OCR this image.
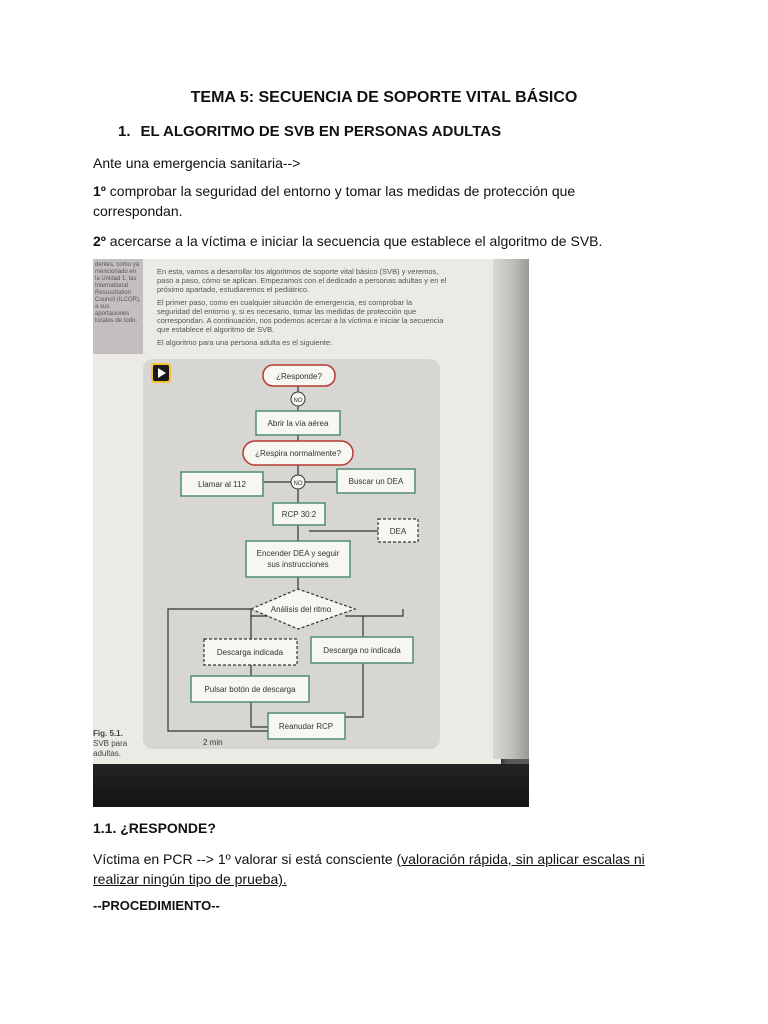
TEMA 5: SECUENCIA DE SOPORTE VITAL BÁSICO
1. EL ALGORITMO DE SVB EN PERSONAS ADULTAS

Ante una emergencia sanitaria-->

1º comprobar la seguridad del entorno y tomar las medidas de protección que correspondan.

2º acercarse a la víctima e iniciar la secuencia que establece el algoritmo de SVB.

dentes, como ya mencionado en la Unidad 1, las International Resuscitation Council (ILCOR), a sus aportaciones locales de todo.
En esta, vamos a desarrollar los algoritmos de soporte vital básico (SVB) y veremos, paso a paso, cómo se aplican. Empezamos con el dedicado a personas adultas y en el próximo apartado, estudiaremos el pediátrico.
El primer paso, como en cualquier situación de emergencia, es comprobar la seguridad del entorno y, si es necesario, tomar las medidas de protección que correspondan. A continuación, nos podemos acercar a la víctima e iniciar la secuencia que establece el algoritmo de SVB.
El algoritmo para una persona adulta es el siguiente:
¿Responde?
NO
Abrir la vía aérea
¿Respira normalmente?
NO
Llamar al 112	Buscar un DEA
RCP 30:2
DEA
Encender DEA y seguir
sus instrucciones
Análisis del ritmo
Descarga indicada	Descarga no indicada
Pulsar botón de descarga
Reanudar RCP
2 min
Fig. 5.1.
SVB para
adultas.
1.1. ¿RESPONDE?

Víctima en PCR --> 1º valorar si está consciente (valoración rápida, sin aplicar escalas ni realizar ningún tipo de prueba).

--PROCEDIMIENTO--
